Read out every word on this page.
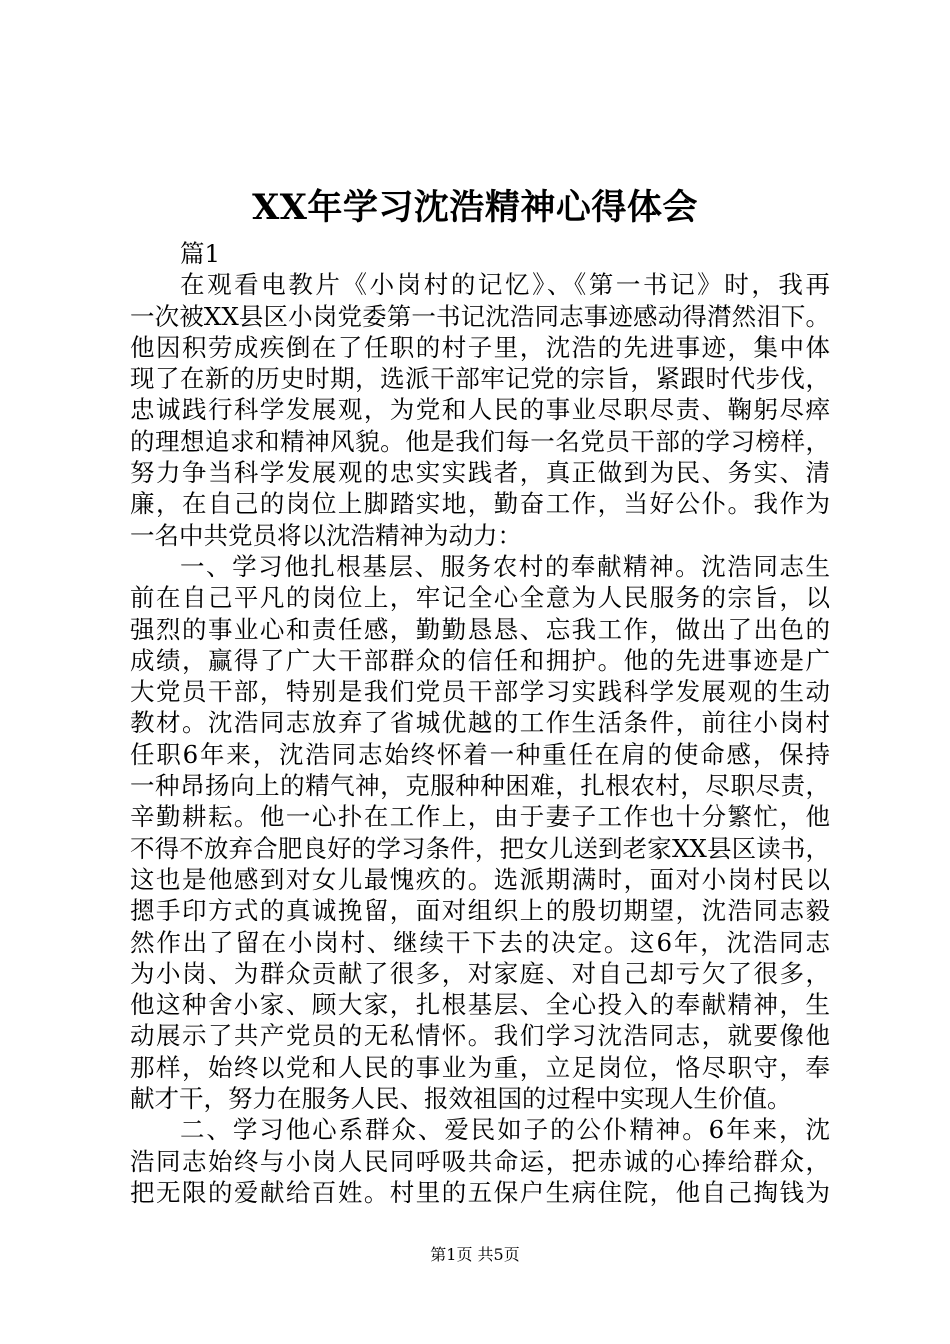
XX年学习沈浩精神心得体会
篇1
在观看电教片《小岗村的记忆》、《第一书记》时，我再
一次被XX县区小岗党委第一书记沈浩同志事迹感动得潸然泪下。
他因积劳成疾倒在了任职的村子里，沈浩的先进事迹，集中体
现了在新的历史时期，选派干部牢记党的宗旨，紧跟时代步伐，
忠诚践行科学发展观，为党和人民的事业尽职尽责、鞠躬尽瘁
的理想追求和精神风貌。他是我们每一名党员干部的学习榜样，
努力争当科学发展观的忠实实践者，真正做到为民、务实、清
廉，在自己的岗位上脚踏实地，勤奋工作，当好公仆。我作为
一名中共党员将以沈浩精神为动力：
一、学习他扎根基层、服务农村的奉献精神。沈浩同志生
前在自己平凡的岗位上，牢记全心全意为人民服务的宗旨，以
强烈的事业心和责任感，勤勤恳恳、忘我工作，做出了出色的
成绩，赢得了广大干部群众的信任和拥护。他的先进事迹是广
大党员干部，特别是我们党员干部学习实践科学发展观的生动
教材。沈浩同志放弃了省城优越的工作生活条件，前往小岗村
任职6年来，沈浩同志始终怀着一种重任在肩的使命感，保持
一种昂扬向上的精气神，克服种种困难，扎根农村，尽职尽责，
辛勤耕耘。他一心扑在工作上，由于妻子工作也十分繁忙，他
不得不放弃合肥良好的学习条件，把女儿送到老家XX县区读书，
这也是他感到对女儿最愧疚的。选派期满时，面对小岗村民以
摁手印方式的真诚挽留，面对组织上的殷切期望，沈浩同志毅
然作出了留在小岗村、继续干下去的决定。这6年，沈浩同志
为小岗、为群众贡献了很多，对家庭、对自己却亏欠了很多，
他这种舍小家、顾大家，扎根基层、全心投入的奉献精神，生
动展示了共产党员的无私情怀。我们学习沈浩同志，就要像他
那样，始终以党和人民的事业为重，立足岗位，恪尽职守，奉
献才干，努力在服务人民、报效祖国的过程中实现人生价值。
二、学习他心系群众、爱民如子的公仆精神。6年来，沈
浩同志始终与小岗人民同呼吸共命运，把赤诚的心捧给群众，
把无限的爱献给百姓。村里的五保户生病住院，他自己掏钱为
第1页 共5页
